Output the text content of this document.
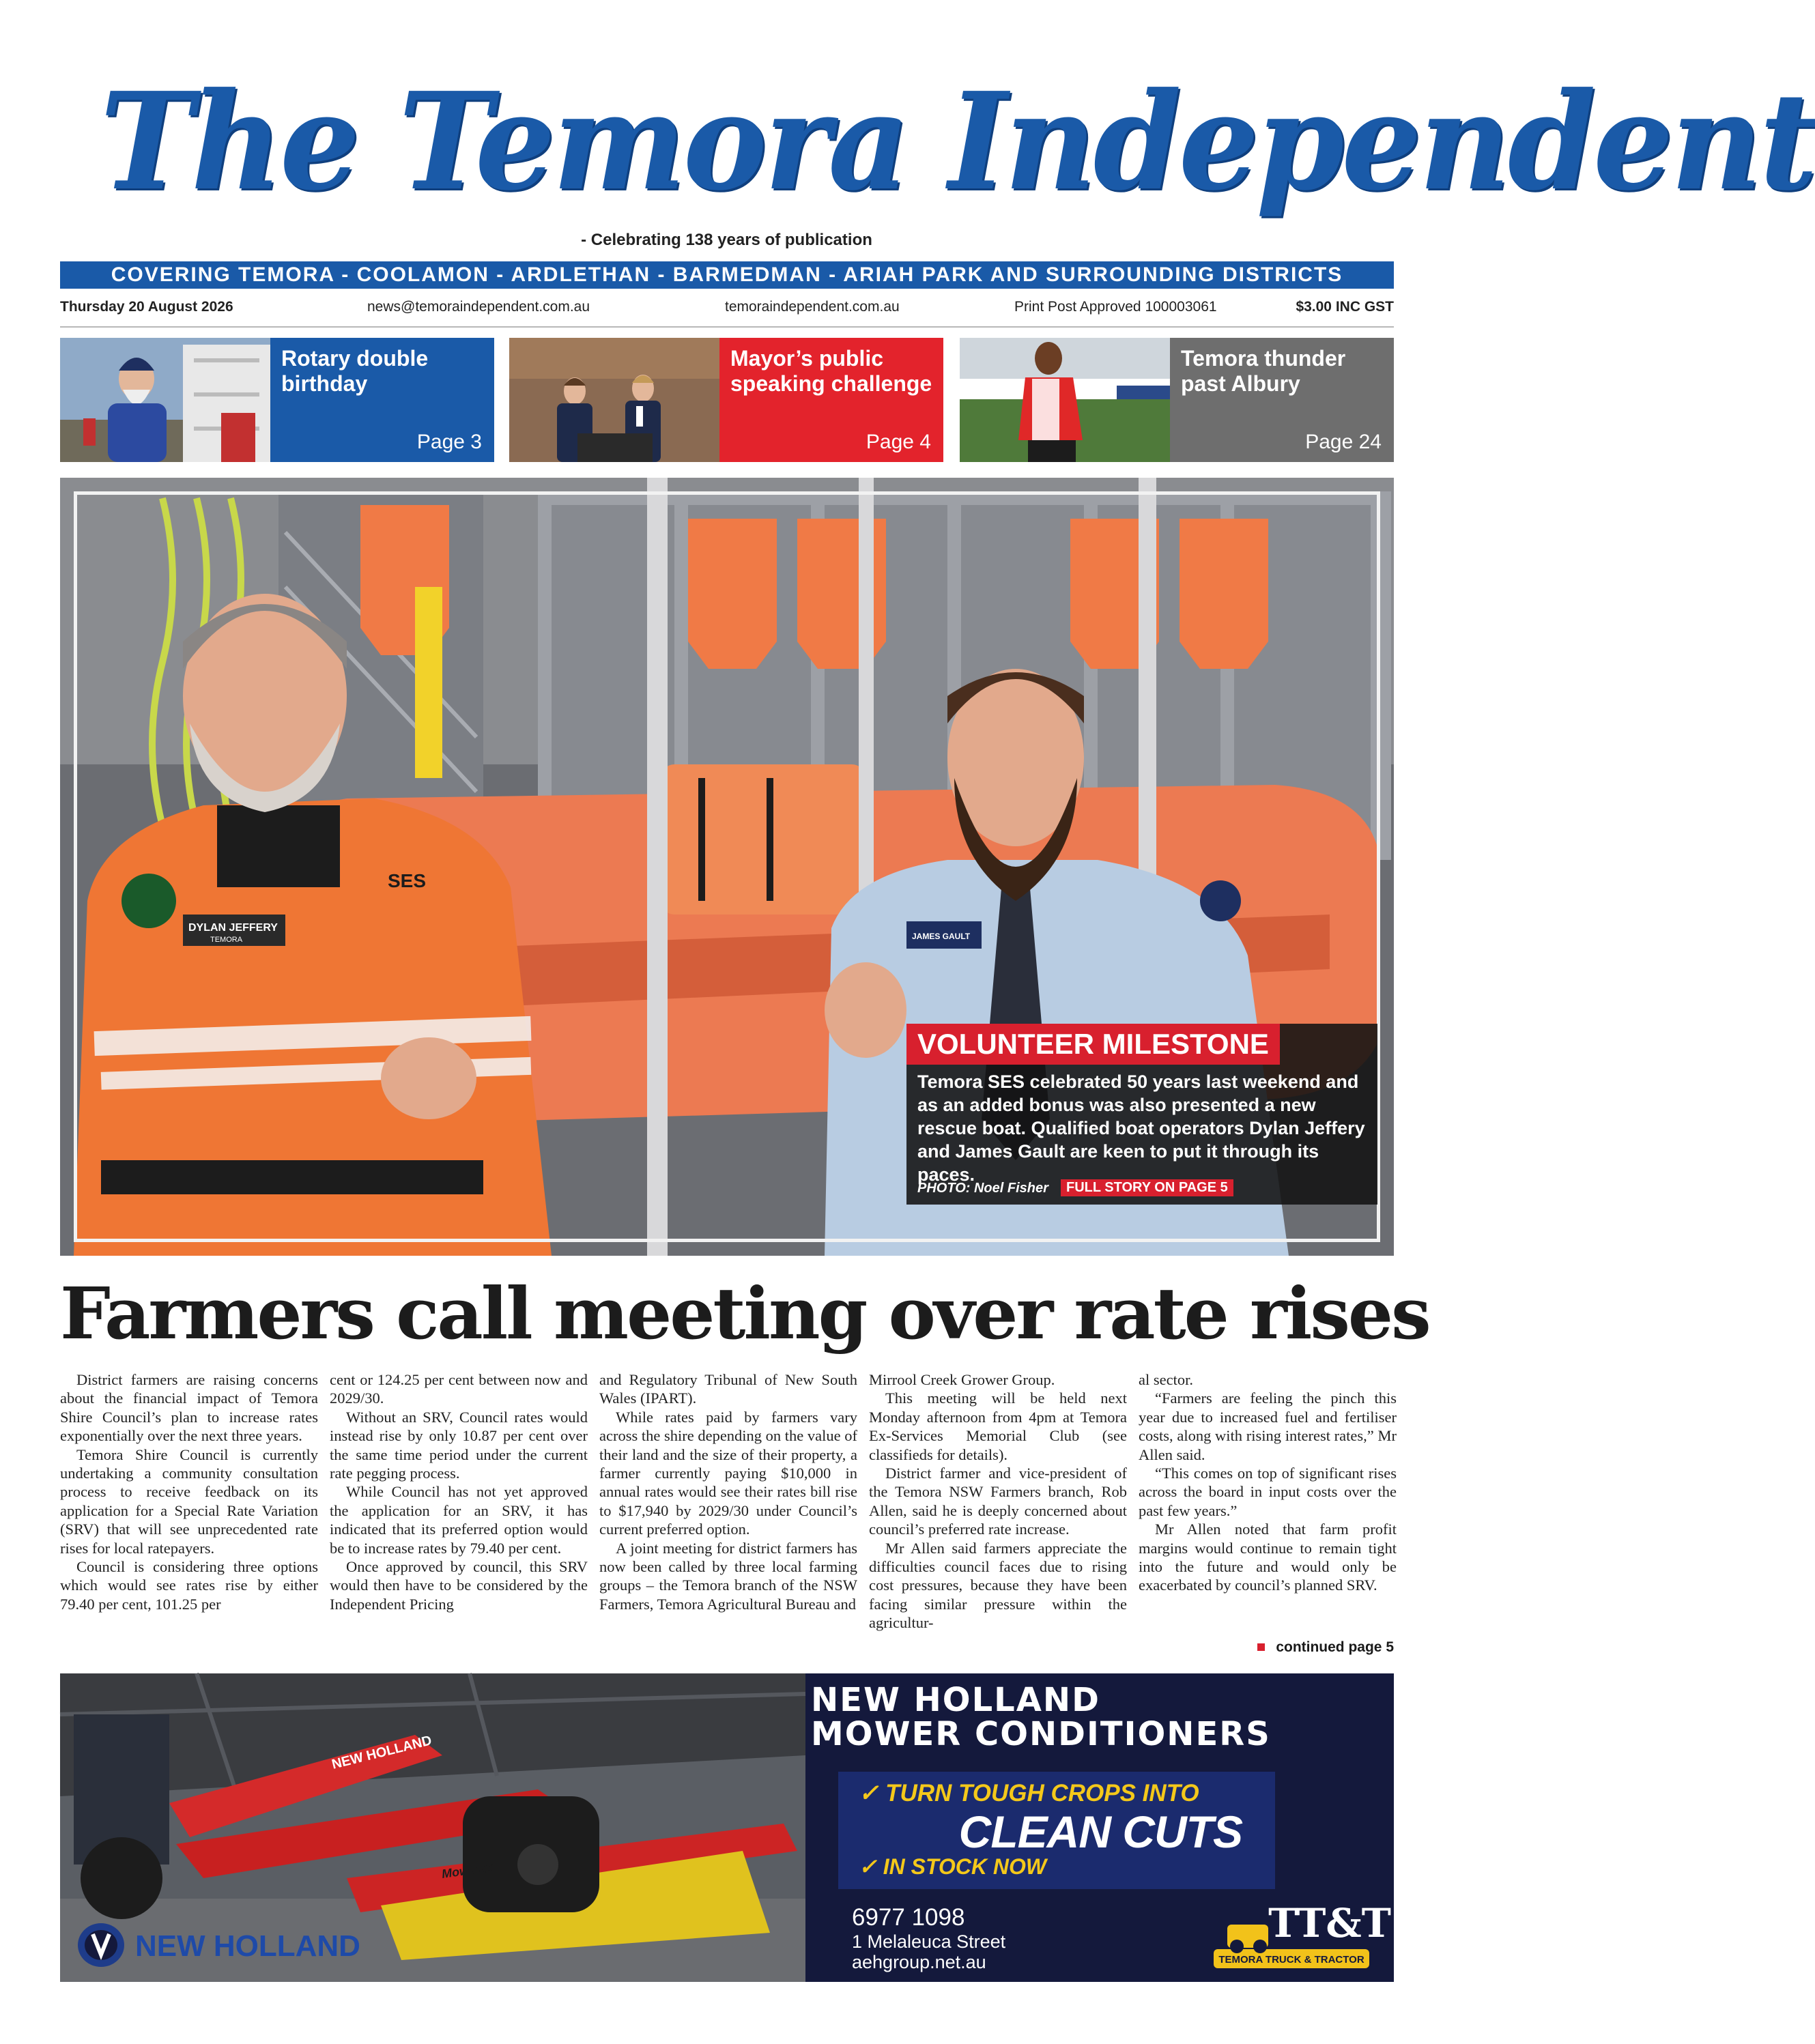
The Temora Independent
- Celebrating 138 years of publication
COVERING TEMORA - COOLAMON - ARDLETHAN - BARMEDMAN - ARIAH PARK AND SURROUNDING DISTRICTS
Thursday 20 August 2026	news@temoraindependent.com.au	temoraindependent.com.au	Print Post Approved 100003061	$3.00 INC GST
Rotary double birthday
Page 3
Mayor’s public speaking challenge
Page 4
Temora thunder past Albury
Page 24
DYLAN JEFFERY
TEMORA
SES
JAMES GAULT
VOLUNTEER MILESTONE
Temora SES celebrated 50 years last weekend and as an added bonus was also presented a new rescue boat. Qualified boat operators Dylan Jeffery and James Gault are keen to put it through its paces.
PHOTO: Noel Fisher	FULL STORY ON PAGE 5
Farmers call meeting over rate rises

District farmers are raising concerns about the financial impact of Temora Shire Council’s plan to increase rates exponentially over the next three years.

Temora Shire Council is currently undertaking a community consultation process to receive feedback on its application for a Special Rate Variation (SRV) that will see unprecedented rate rises for local ratepayers.

Council is considering three options which would see rates rise by either 79.40 per cent, 101.25 per

cent or 124.25 per cent between now and 2029/30.

Without an SRV, Council rates would instead rise by only 10.87 per cent over the same time period under the current rate pegging process.

While Council has not yet approved the application for an SRV, it has indicated that its preferred option would be to increase rates by 79.40 per cent.

Once approved by council, this SRV would then have to be considered by the Independent Pricing

and Regulatory Tribunal of New South Wales (IPART).

While rates paid by farmers vary across the shire depending on the value of their land and the size of their property, a farmer currently paying $10,000 in annual rates would see their rates bill rise to $17,940 by 2029/30 under Council’s current preferred option.

A joint meeting for district farmers has now been called by three local farming groups – the Temora branch of the NSW Farmers, Temora Agricultural Bureau and

Mirrool Creek Grower Group.

This meeting will be held next Monday afternoon from 4pm at Temora Ex-Services Memorial Club (see classifieds for details).

District farmer and vice-president of the Temora NSW Farmers branch, Rob Allen, said he is deeply concerned about council’s preferred rate increase.

Mr Allen said farmers appreciate the difficulties council faces due to rising cost pressures, because they have been facing similar pressure within the agricultur-

al sector.

“Farmers are feeling the pinch this year due to increased fuel and fertiliser costs, along with rising interest rates,” Mr Allen said.

“This comes on top of significant rises across the board in input costs over the past few years.”

Mr Allen noted that farm profit margins would continue to remain tight into the future and would only be exacerbated by council’s planned SRV.

continued page 5
NEW HOLLAND
MowMax
NEW HOLLAND
NEW HOLLAND
MOWER CONDITIONERS
✓ TURN TOUGH CROPS INTO
CLEAN CUTS
✓ IN STOCK NOW
6977 1098
1 Melaleuca Street
aehgroup.net.au	TEMORA TRUCK & TRACTOR
TT&T
